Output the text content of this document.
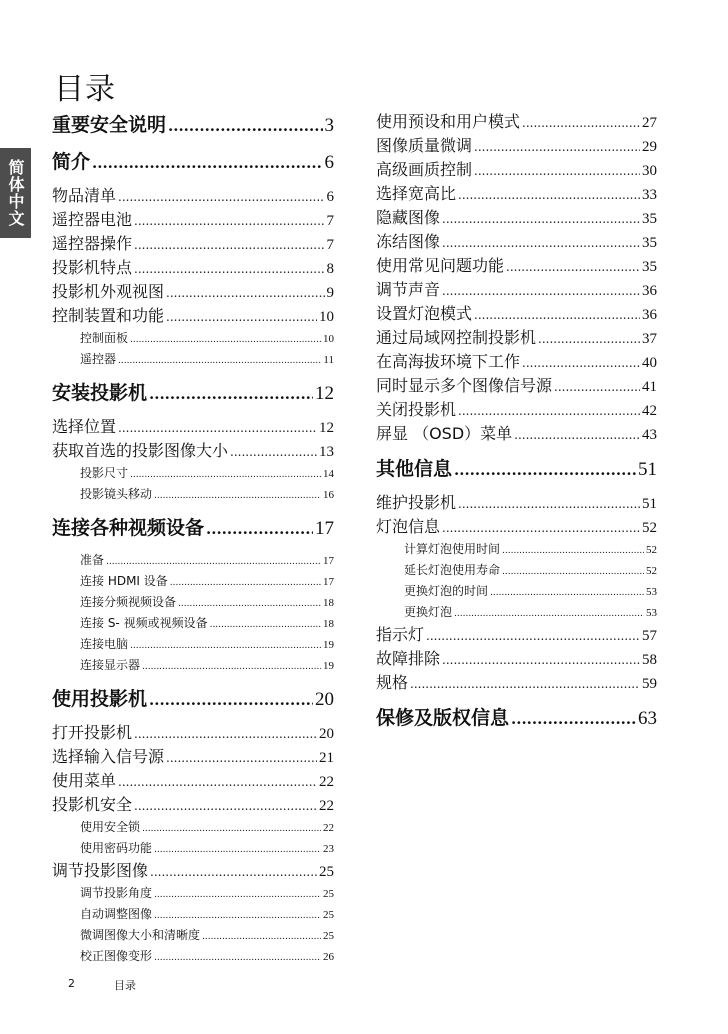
目录
简体中文
重要安全说明 .....	3
简介 .....	6
物品清单 .....	6
遥控器电池 .....	7
遥控器操作 .....	7
投影机特点 .....	8
投影机外观视图 .....	9
控制装置和功能 .....	10
控制面板 .....	10
遥控器 .....	11
安装投影机 .....	12
选择位置 .....	12
获取首选的投影图像大小 .....	13
投影尺寸 .....	14
投影镜头移动 .....	16
连接各种视频设备 .....	17
准备 .....	17
连接 HDMI 设备 .....	17
连接分频视频设备 .....	18
连接 S- 视频或视频设备 .....	18
连接电脑 .....	19
连接显示器 .....	19
使用投影机 .....	20
打开投影机 .....	20
选择输入信号源 .....	21
使用菜单 .....	22
投影机安全 .....	22
使用安全锁 .....	22
使用密码功能 .....	23
调节投影图像 .....	25
调节投影角度 .....	25
自动调整图像 .....	25
微调图像大小和清晰度 .....	25
校正图像变形 .....	26
使用预设和用户模式 .....	27
图像质量微调 .....	29
高级画质控制 .....	30
选择宽高比 .....	33
隐藏图像 .....	35
冻结图像 .....	35
使用常见问题功能 .....	35
调节声音 .....	36
设置灯泡模式 .....	36
通过局域网控制投影机 .....	37
在高海拔环境下工作 .....	40
同时显示多个图像信号源 .....	41
关闭投影机 .....	42
屏显 （OSD）菜单 .....	43
其他信息 .....	51
维护投影机 .....	51
灯泡信息 .....	52
计算灯泡使用时间 .....	52
延长灯泡使用寿命 .....	52
更换灯泡的时间 .....	53
更换灯泡 .....	53
指示灯 .....	57
故障排除 .....	58
规格 .....	59
保修及版权信息 .....	63
2	目录
